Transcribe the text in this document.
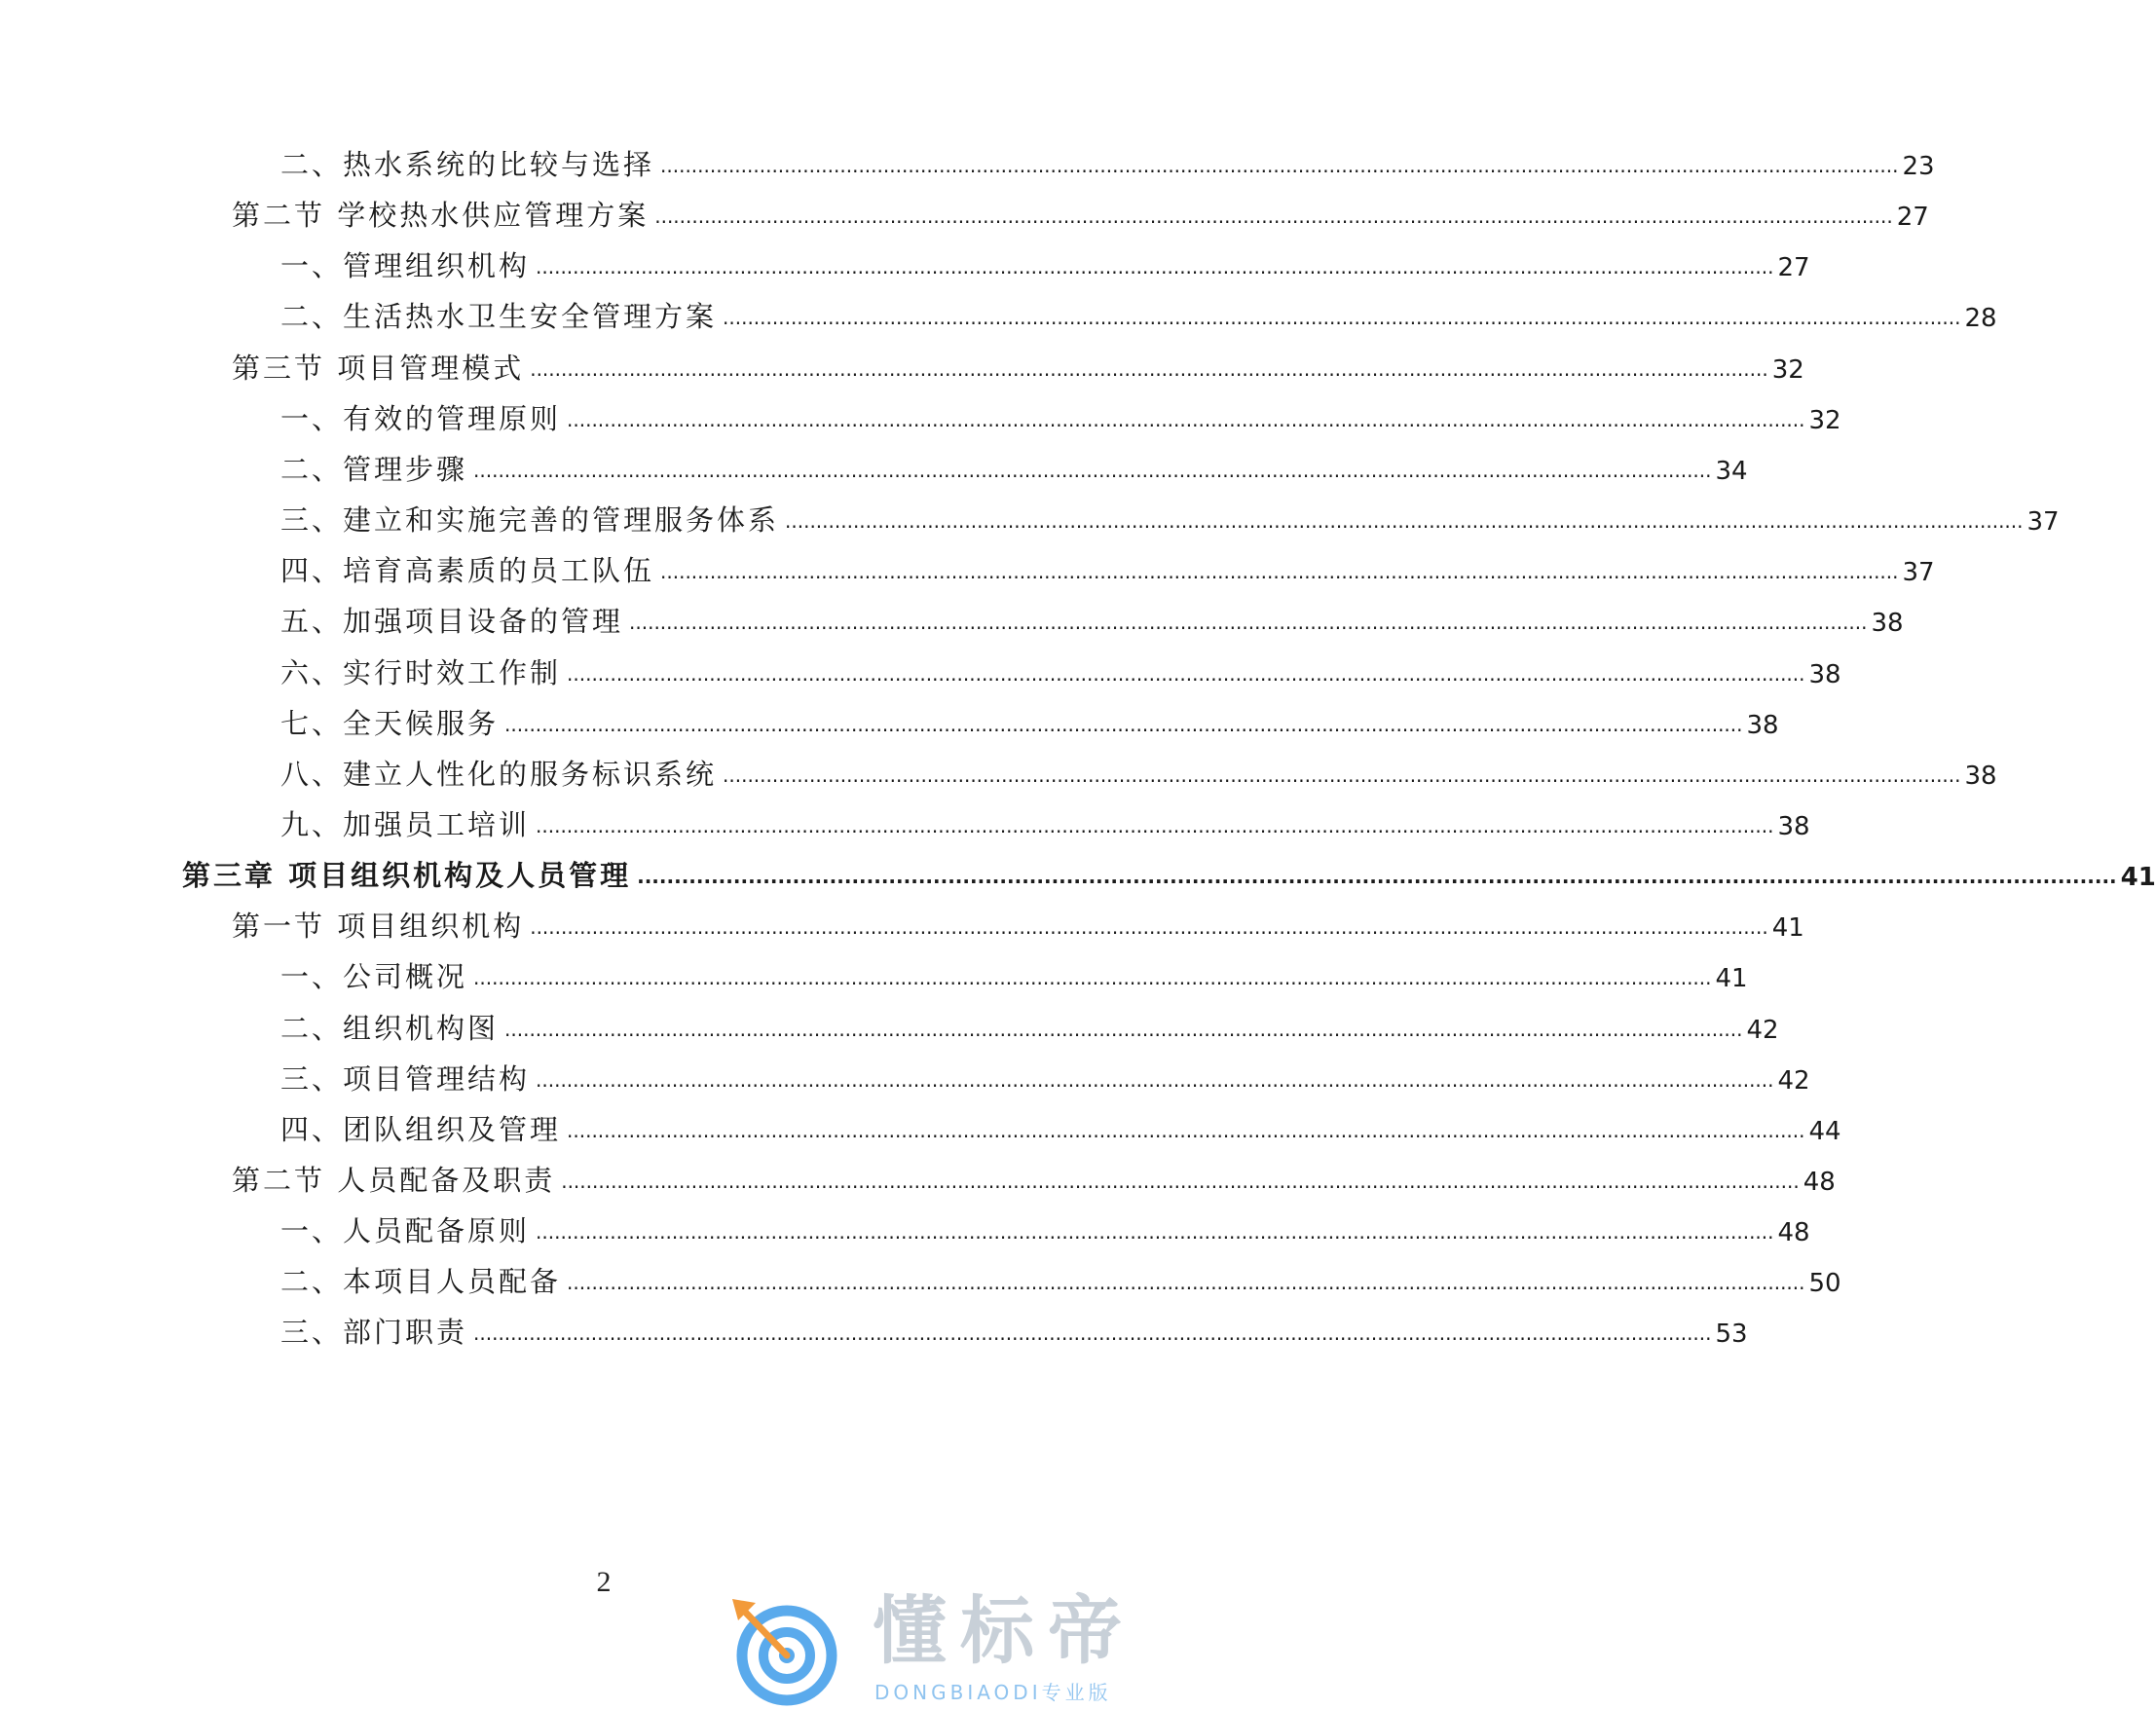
二、热水系统的比较与选择 ........................................................................................................................................................................................................ 23
第二节 学校热水供应管理方案 ........................................................................................................................................................................................................ 27
一、管理组织机构 ........................................................................................................................................................................................................ 27
二、生活热水卫生安全管理方案 ........................................................................................................................................................................................................ 28
第三节 项目管理模式 ........................................................................................................................................................................................................ 32
一、有效的管理原则 ........................................................................................................................................................................................................ 32
二、管理步骤 ........................................................................................................................................................................................................ 34
三、建立和实施完善的管理服务体系 ........................................................................................................................................................................................................ 37
四、培育高素质的员工队伍 ........................................................................................................................................................................................................ 37
五、加强项目设备的管理 ........................................................................................................................................................................................................ 38
六、实行时效工作制 ........................................................................................................................................................................................................ 38
七、全天候服务 ........................................................................................................................................................................................................ 38
八、建立人性化的服务标识系统 ........................................................................................................................................................................................................ 38
九、加强员工培训 ........................................................................................................................................................................................................ 38
第三章 项目组织机构及人员管理 ........................................................................................................................................................................................................ 41
第一节 项目组织机构 ........................................................................................................................................................................................................ 41
一、公司概况 ........................................................................................................................................................................................................ 41
二、组织机构图 ........................................................................................................................................................................................................ 42
三、项目管理结构 ........................................................................................................................................................................................................ 42
四、团队组织及管理 ........................................................................................................................................................................................................ 44
第二节 人员配备及职责 ........................................................................................................................................................................................................ 48
一、人员配备原则 ........................................................................................................................................................................................................ 48
二、本项目人员配备 ........................................................................................................................................................................................................ 50
三、部门职责 ........................................................................................................................................................................................................ 53
2
懂标帝
DONGBIAODI专业版
